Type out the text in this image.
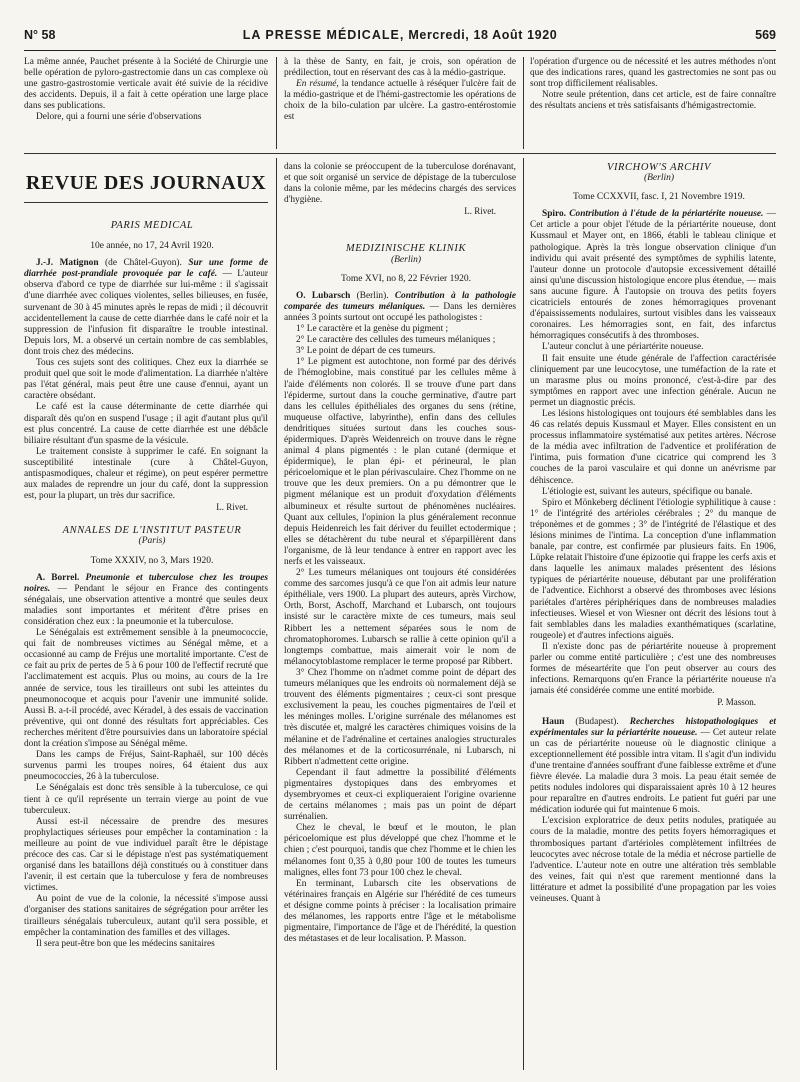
N° 58	LA PRESSE MÉDICALE, Mercredi, 18 Août 1920	569

La même année, Pauchet présente à la Société de Chirurgie une belle opération de pyloro-gastrectomie dans un cas complexe où une gastro-gastrostomie verticale avait été suivie de la récidive des accidents. Depuis, il a fait à cette opération une large place dans ses publications.

Delore, qui a fourni une série d'observations

à la thèse de Santy, en fait, je crois, son opération de prédilection, tout en réservant des cas à la médio-gastrique.

En résumé, la tendance actuelle à réséquer l'ulcère fait de la médio-gastrique et de l'hémi-gastrectomie les opérations de choix de la bilo-culation par ulcère. La gastro-entérostomie est

l'opération d'urgence ou de nécessité et les autres méthodes n'ont que des indications rares, quand les gastrectomies ne sont pas ou sont trop difficilement réalisables.

Notre seule prétention, dans cet article, est de faire connaître des résultats anciens et très satisfaisants d'hémigastrectomie.

REVUE DES JOURNAUX

PARIS MÉDICAL

10e année, no 17, 24 Avril 1920.

J.-J. Matignon (de Châtel-Guyon). Sur une forme de diarrhée post-prandiale provoquée par le café. — L'auteur observa d'abord ce type de diarrhée sur lui-même : il s'agissait d'une diarrhée avec coliques violentes, selles bilieuses, en fusée, survenant de 30 à 45 minutes après le repas de midi ; il découvrit accidentellement la cause de cette diarrhée dans le café noir et la suppression de l'infusion fit disparaître le trouble intestinal. Depuis lors, M. a observé un certain nombre de cas semblables, dont trois chez des médecins.

Tous ces sujets sont des colitiques. Chez eux la diarrhée se produit quel que soit le mode d'alimentation. La diarrhée n'altère pas l'état général, mais peut être une cause d'ennui, ayant un caractère obsédant.

Le café est la cause déterminante de cette diarrhée qui disparaît dès qu'on en suspend l'usage ; il agit d'autant plus qu'il est plus concentré. La cause de cette diarrhée est une débâcle biliaire résultant d'un spasme de la vésicule.

Le traitement consiste à supprimer le café. En soignant la susceptibilité intestinale (cure à Châtel-Guyon, antispasmodiques, chaleur et régime), on peut espérer permettre aux malades de reprendre un jour du café, dont la suppression est, pour la plupart, un très dur sacrifice.

L. Rivet.

ANNALES DE L'INSTITUT PASTEUR

(Paris)

Tome XXXIV, no 3, Mars 1920.

A. Borrel. Pneumonie et tuberculose chez les troupes noires. — Pendant le séjour en France des contingents sénégalais, une observation attentive a montré que seules deux maladies sont importantes et méritent d'être prises en considération chez eux : la pneumonie et la tuberculose.

Le Sénégalais est extrêmement sensible à la pneumococcie, qui fait de nombreuses victimes au Sénégal même, et a occasionné au camp de Fréjus une mortalité importante. C'est de ce fait au prix de pertes de 5 à 6 pour 100 de l'effectif recruté que l'acclimatement est acquis. Plus ou moins, au cours de la 1re année de service, tous les tirailleurs ont subi les atteintes du pneumonocoque et acquis pour l'avenir une immunité solide. Aussi B. a-t-il procédé, avec Kéradel, à des essais de vaccination préventive, qui ont donné des résultats fort appréciables. Ces recherches méritent d'être poursuivies dans un laboratoire spécial dont la création s'impose au Sénégal même.

Dans les camps de Fréjus, Saint-Raphaël, sur 100 décès survenus parmi les troupes noires, 64 étaient dus aux pneumococcies, 26 à la tuberculose.

Le Sénégalais est donc très sensible à la tuberculose, ce qui tient à ce qu'il représente un terrain vierge au point de vue tuberculeux.

Aussi est-il nécessaire de prendre des mesures prophylactiques sérieuses pour empêcher la contamination : la meilleure au point de vue individuel paraît être le dépistage précoce des cas. Car si le dépistage n'est pas systématiquement organisé dans les bataillons déjà constitués ou à constituer dans l'avenir, il est certain que la tuberculose y fera de nombreuses victimes.

Au point de vue de la colonie, la nécessité s'impose aussi d'organiser des stations sanitaires de ségrégation pour arrêter les tirailleurs sénégalais tuberculeux, autant qu'il sera possible, et empêcher la contamination des familles et des villages.

Il sera peut-être bon que les médecins sanitaires

dans la colonie se préoccupent de la tuberculose dorénavant, et que soit organisé un service de dépistage de la tuberculose dans la colonie même, par les médecins chargés des services d'hygiène.

L. Rivet.

MEDIZINISCHE KLINIK

(Berlin)

Tome XVI, no 8, 22 Février 1920.

O. Lubarsch (Berlin). Contribution à la pathologie comparée des tumeurs mélaniques. — Dans les dernières années 3 points surtout ont occupé les pathologistes :

1° Le caractère et la genèse du pigment ;

2° Le caractère des cellules des tumeurs mélaniques ;

3° Le point de départ de ces tumeurs.

1° Le pigment est autochtone, non formé par des dérivés de l'hémoglobine, mais constitué par les cellules même à l'aide d'éléments non colorés. Il se trouve d'une part dans l'épiderme, surtout dans la couche germinative, d'autre part dans les cellules épithéliales des organes du sens (rétine, muqueuse olfactive, labyrinthe), enfin dans des cellules dendritiques situées surtout dans les couches sous-épidermiques. D'après Weidenreich on trouve dans le règne animal 4 plans pigmentés : le plan cutané (dermique et épidermique), le plan épi- et périneural, le plan péricoelomique et le plan périvasculaire. Chez l'homme on ne trouve que les deux premiers. On a pu démontrer que le pigment mélanique est un produit d'oxydation d'éléments albumineux et résulte surtout de phénomènes nucléaires. Quant aux cellules, l'opinion la plus généralement reconnue depuis Heidenreich les fait dériver du feuillet ectodermique ; elles se détachèrent du tube neural et s'éparpillèrent dans l'organisme, de là leur tendance à entrer en rapport avec les nerfs et les vaisseaux.

2° Les tumeurs mélaniques ont toujours été considérées comme des sarcomes jusqu'à ce que l'on ait admis leur nature épithéliale, vers 1900. La plupart des auteurs, après Virchow, Orth, Borst, Aschoff, Marchand et Lubarsch, ont toujours insisté sur le caractère mixte de ces tumeurs, mais seul Ribbert les a nettement séparées sous le nom de chromatophoromes. Lubarsch se rallie à cette opinion qu'il a longtemps combattue, mais aimerait voir le nom de mélanocytoblastome remplacer le terme proposé par Ribbert.

3° Chez l'homme on n'admet comme point de départ des tumeurs mélaniques que les endroits où normalement déjà se trouvent des éléments pigmentaires ; ceux-ci sont presque exclusivement la peau, les couches pigmentaires de l'œil et les méninges molles. L'origine surrénale des mélanomes est très discutée et, malgré les caractères chimiques voisins de la mélanine et de l'adrénaline et certaines analogies structurales des mélanomes et de la corticosurrénale, ni Lubarsch, ni Ribbert n'admettent cette origine.

Cependant il faut admettre la possibilité d'éléments pigmentaires dystopiques dans des embryomes et dysembryomes et ceux-ci expliqueraient l'origine ovarienne de certains mélanomes ; mais pas un point de départ surrénalien.

Chez le cheval, le bœuf et le mouton, le plan péricoelomique est plus développé que chez l'homme et le chien ; c'est pourquoi, tandis que chez l'homme et le chien les mélanomes font 0,35 à 0,80 pour 100 de toutes les tumeurs malignes, elles font 73 pour 100 chez le cheval.

En terminant, Lubarsch cite les observations de vétérinaires français en Algérie sur l'hérédité de ces tumeurs et désigne comme points à préciser : la localisation primaire des mélanomes, les rapports entre l'âge et le métabolisme pigmentaire, l'importance de l'âge et de l'hérédité, la question des métastases et de leur localisation. P. Masson.

VIRCHOW'S ARCHIV

(Berlin)

Tome CCXXVII, fasc. I, 21 Novembre 1919.

Spiro. Contribution à l'étude de la périartérite noueuse. — Cet article a pour objet l'étude de la périartérite noueuse, dont Kussmaul et Mayer ont, en 1866, établi le tableau clinique et pathologique. Après la très longue observation clinique d'un individu qui avait présenté des symptômes de syphilis latente, l'auteur donne un protocole d'autopsie excessivement détaillé ainsi qu'une discussion histologique encore plus étendue, — mais sans aucune figure. À l'autopsie on trouva des petits foyers cicatriciels entourés de zones hémorragiques provenant d'épaississements nodulaires, surtout visibles dans les vaisseaux coronaires. Les hémorragies sont, en fait, des infarctus hémorragiques consécutifs à des thromboses.

L'auteur conclut à une périartérite noueuse.

Il fait ensuite une étude générale de l'affection caractérisée cliniquement par une leucocytose, une tuméfaction de la rate et un marasme plus ou moins prononcé, c'est-à-dire par des symptômes en rapport avec une infection générale. Aucun ne permet un diagnostic précis.

Les lésions histologiques ont toujours été semblables dans les 46 cas relatés depuis Kussmaul et Mayer. Elles consistent en un processus inflammatoire systématisé aux petites artères. Nécrose de la média avec infiltration de l'adventice et prolifération de l'intima, puis formation d'une cicatrice qui comprend les 3 couches de la paroi vasculaire et qui donne un anévrisme par déhiscence.

L'étiologie est, suivant les auteurs, spécifique ou banale.

Spiro et Mönkeberg déclinent l'étiologie syphilitique à cause : 1° de l'intégrité des artérioles cérébrales ; 2° du manque de tréponèmes et de gommes ; 3° de l'intégrité de l'élastique et des lésions minimes de l'intima. La conception d'une inflammation banale, par contre, est confirmée par plusieurs faits. En 1906, Lüpke relatait l'histoire d'une épizootie qui frappe les cerfs axis et dans laquelle les animaux malades présentent des lésions typiques de périartérite noueuse, débutant par une prolifération de l'adventice. Eichhorst a observé des thromboses avec lésions pariétales d'artères périphériques dans de nombreuses maladies infectieuses. Wiesel et von Wiesner ont décrit des lésions tout à fait semblables dans les maladies exanthématiques (scarlatine, rougeole) et d'autres infections aiguës.

Il n'existe donc pas de périartérite noueuse à proprement parler ou comme entité particulière ; c'est une des nombreuses formes de méseartérite que l'on peut observer au cours des infections. Remarquons qu'en France la périartérite noueuse n'a jamais été considérée comme une entité morbide.

P. Masson.

Haun (Budapest). Recherches histopathologiques et expérimentales sur la périartérite noueuse. — Cet auteur relate un cas de périartérite noueuse où le diagnostic clinique a exceptionnellement été possible intra vitam. Il s'agit d'un individu d'une trentaine d'années souffrant d'une faiblesse extrême et d'une fièvre élevée. La maladie dura 3 mois. La peau était semée de petits nodules indolores qui disparaissaient après 10 à 12 heures pour reparaître en d'autres endroits. Le patient fut guéri par une médication iodurée qui fut maintenue 6 mois.

L'excision exploratrice de deux petits nodules, pratiquée au cours de la maladie, montre des petits foyers hémorragiques et thrombosiques partant d'artérioles complètement infiltrées de leucocytes avec nécrose totale de la média et nécrose partielle de l'adventice. L'auteur note en outre une altération très semblable des veines, fait qui n'est que rarement mentionné dans la littérature et admet la possibilité d'une propagation par les voies veineuses. Quant à
